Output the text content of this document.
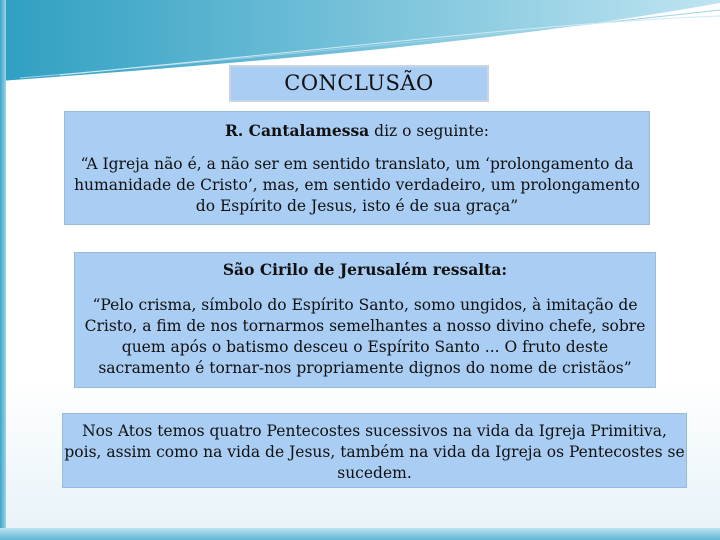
CONCLUSÃO
R. Cantalamessa diz o seguinte:
“A Igreja não é, a não ser em sentido translato, um ‘prolongamento da humanidade de Cristo’, mas, em sentido verdadeiro, um prolongamento do Espírito de Jesus, isto é de sua graça”
São Cirilo de Jerusalém ressalta:
“Pelo crisma, símbolo do Espírito Santo, somo ungidos, à imitação de Cristo, a fim de nos tornarmos semelhantes a nosso divino chefe, sobre quem após o batismo desceu o Espírito Santo ... O fruto deste sacramento é tornar-nos propriamente dignos do nome de cristãos”
Nos Atos temos quatro Pentecostes sucessivos na vida da Igreja Primitiva, pois, assim como na vida de Jesus, também na vida da Igreja os Pentecostes se sucedem.
